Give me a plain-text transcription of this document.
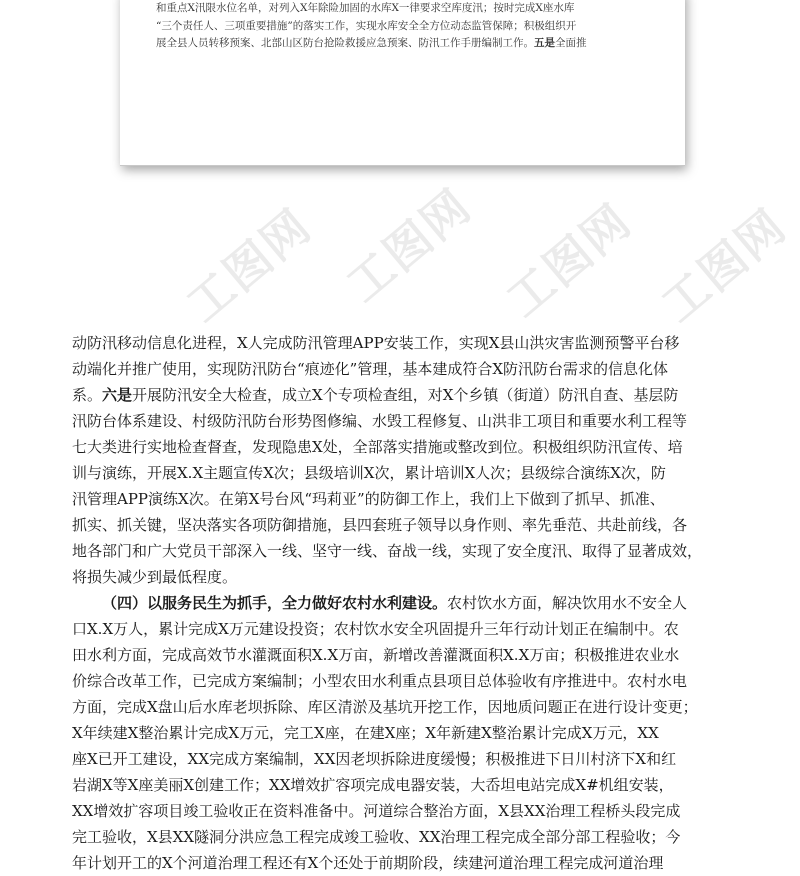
和重点X汛限水位名单，对列入X年除险加固的水库X一律要求空库度汛；按时完成X座水库
“三个责任人、三项重要措施”的落实工作，实现水库安全全方位动态监管保障；积极组织开
展全县人员转移预案、北部山区防台抢险救援应急预案、防汛工作手册编制工作。五是全面推
工图网 工图网 工图网 工图网
动防汛移动信息化进程，X人完成防汛管理APP安装工作，实现X县山洪灾害监测预警平台移
动端化并推广使用，实现防汛防台“痕迹化”管理，基本建成符合X防汛防台需求的信息化体
系。六是开展防汛安全大检查，成立X个专项检查组，对X个乡镇（街道）防汛自查、基层防
汛防台体系建设、村级防汛防台形势图修编、水毁工程修复、山洪非工项目和重要水利工程等
七大类进行实地检查督查，发现隐患X处，全部落实措施或整改到位。积极组织防汛宣传、培
训与演练，开展X.X主题宣传X次；县级培训X次，累计培训X人次；县级综合演练X次，防
汛管理APP演练X次。在第X号台风“玛莉亚”的防御工作上，我们上下做到了抓早、抓准、
抓实、抓关键，坚决落实各项防御措施，县四套班子领导以身作则、率先垂范、共赴前线，各
地各部门和广大党员干部深入一线、坚守一线、奋战一线，实现了安全度汛、取得了显著成效，
将损失减少到最低程度。
（四）以服务民生为抓手，全力做好农村水利建设。农村饮水方面，解决饮用水不安全人
口X.X万人，累计完成X万元建设投资；农村饮水安全巩固提升三年行动计划正在编制中。农
田水利方面，完成高效节水灌溉面积X.X万亩，新增改善灌溉面积X.X万亩；积极推进农业水
价综合改革工作，已完成方案编制；小型农田水利重点县项目总体验收有序推进中。农村水电
方面，完成X盘山后水库老坝拆除、库区清淤及基坑开挖工作，因地质问题正在进行设计变更；
X年续建X整治累计完成X万元，完工X座，在建X座；X年新建X整治累计完成X万元，XX
座X已开工建设，XX完成方案编制，XX因老坝拆除进度缓慢；积极推进下日川村济下X和红
岩湖X等X座美丽X创建工作；XX增效扩容项完成电器安装，大岙坦电站完成X#机组安装，
XX增效扩容项目竣工验收正在资料准备中。河道综合整治方面，X县XX治理工程桥头段完成
完工验收，X县XX隧洞分洪应急工程完成竣工验收、XX治理工程完成全部分部工程验收；今
年计划开工的X个河道治理工程还有X个还处于前期阶段，续建河道治理工程完成河道治理
